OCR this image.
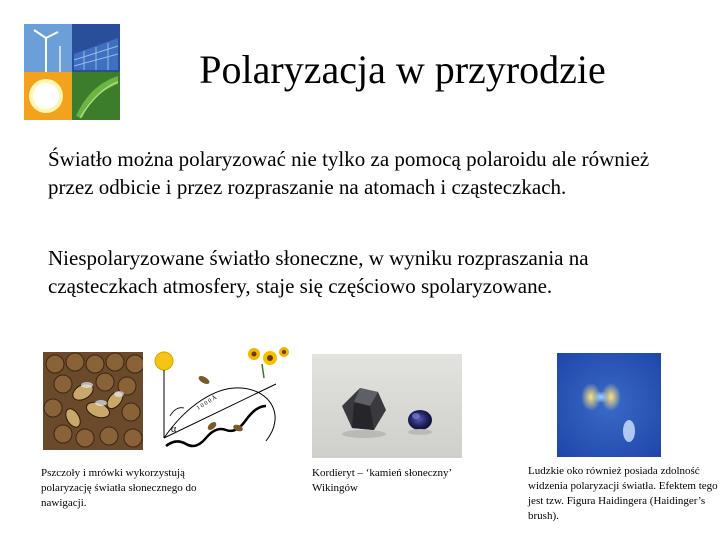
Polaryzacja w przyrodzie
Światło można polaryzować nie tylko za pomocą polaroidu ale również przez odbicie i przez rozpraszanie na atomach i cząsteczkach.
Niespolaryzowane światło słoneczne, w wyniku rozpraszania na cząsteczkach atmosfery, staje się częściowo spolaryzowane.
α
1 0 0 0 Å
Pszczoły i mrówki wykorzystują polaryzację światła słonecznego do nawigacji.
Kordieryt – ‘kamień słoneczny’ Wikingów
Ludzkie oko również posiada zdolność widzenia polaryzacji światła. Efektem tego jest tzw. Figura Haidingera (Haidinger’s brush).
